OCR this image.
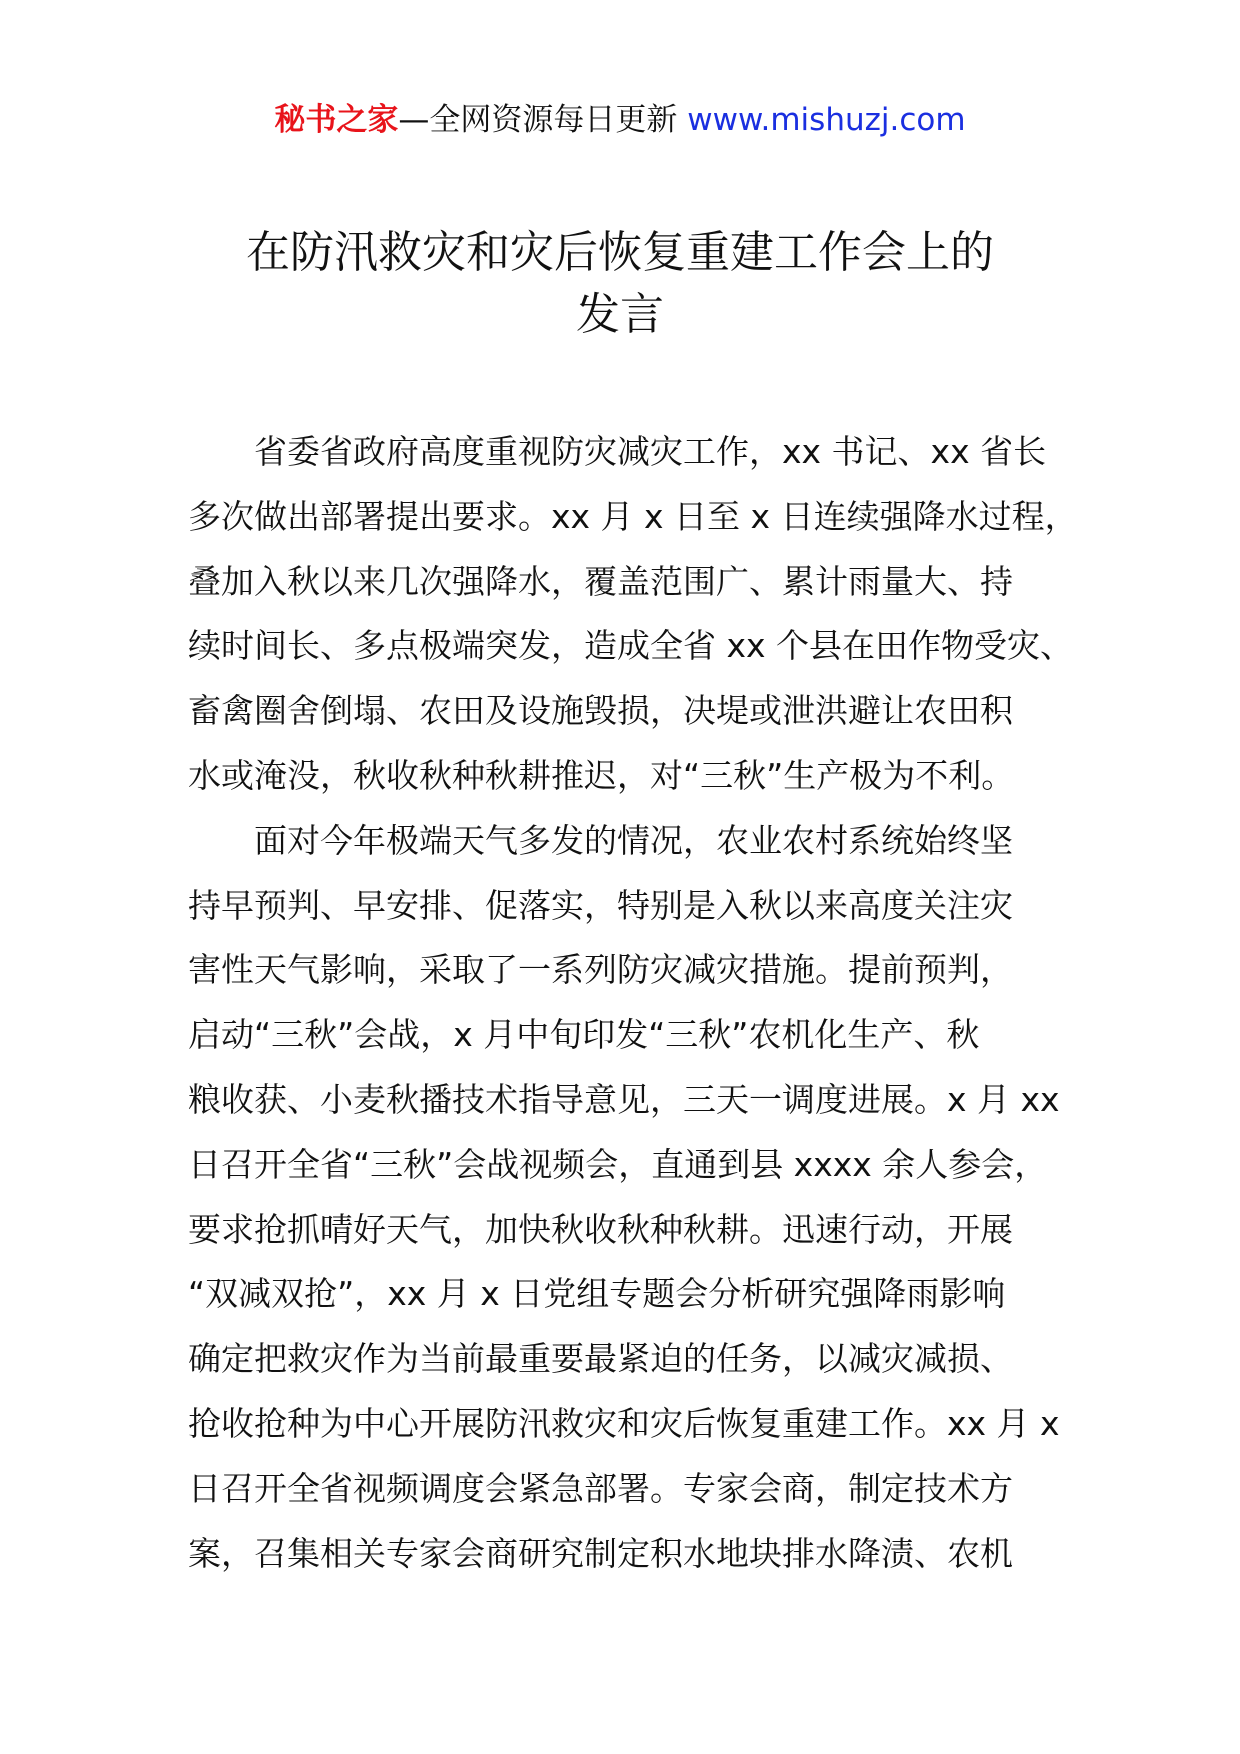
秘书之家—全网资源每日更新 www.mishuzj.com
在防汛救灾和灾后恢复重建工作会上的
发言
省委省政府高度重视防灾减灾工作，xx 书记、xx 省长
多次做出部署提出要求。xx 月 x 日至 x 日连续强降水过程，
叠加入秋以来几次强降水，覆盖范围广、累计雨量大、持
续时间长、多点极端突发，造成全省 xx 个县在田作物受灾、
畜禽圈舍倒塌、农田及设施毁损，决堤或泄洪避让农田积
水或淹没，秋收秋种秋耕推迟，对“三秋”生产极为不利。
面对今年极端天气多发的情况，农业农村系统始终坚
持早预判、早安排、促落实，特别是入秋以来高度关注灾
害性天气影响，采取了一系列防灾减灾措施。提前预判，
启动“三秋”会战，x 月中旬印发“三秋”农机化生产、秋
粮收获、小麦秋播技术指导意见，三天一调度进展。x 月 xx
日召开全省“三秋”会战视频会，直通到县 xxxx 余人参会，
要求抢抓晴好天气，加快秋收秋种秋耕。迅速行动，开展
“双减双抢”，xx 月 x 日党组专题会分析研究强降雨影响
确定把救灾作为当前最重要最紧迫的任务，以减灾减损、
抢收抢种为中心开展防汛救灾和灾后恢复重建工作。xx 月 x
日召开全省视频调度会紧急部署。专家会商，制定技术方
案，召集相关专家会商研究制定积水地块排水降渍、农机
